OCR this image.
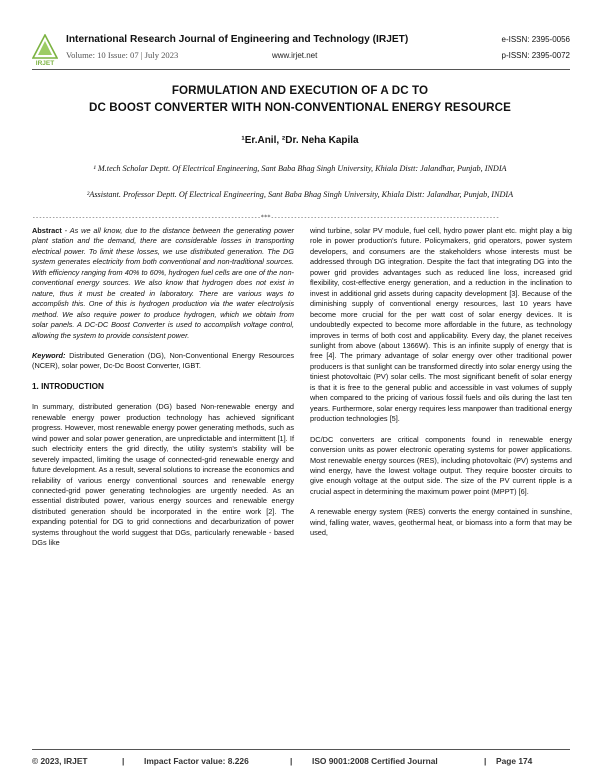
IRJET
International Research Journal of Engineering and Technology (IRJET)
Volume: 10 Issue: 07 | July 2023	www.irjet.net
e-ISSN: 2395-0056
p-ISSN: 2395-0072
FORMULATION AND EXECUTION OF A DC TO
DC BOOST CONVERTER WITH NON-CONVENTIONAL ENERGY RESOURCE
¹Er.Anil, ²Dr. Neha Kapila
¹ M.tech Scholar Deptt. Of Electrical Engineering, Sant Baba Bhag Singh University, Khiala Distt: Jalandhar, Punjab, INDIA
²Assistant. Professor Deptt. Of Electrical Engineering, Sant Baba Bhag Singh University, Khiala Distt: Jalandhar, Punjab, INDIA
---------------------------------------------------------------------***---------------------------------------------------------------------

Abstract - As we all know, due to the distance between the generating power plant station and the demand, there are considerable losses in transporting electrical power. To limit these losses, we use distributed generation. The DG system generates electricity from both conventional and non-traditional sources. With efficiency ranging from 40% to 60%, hydrogen fuel cells are one of the non-conventional energy sources. We also know that hydrogen does not exist in nature, thus it must be created in laboratory. There are various ways to accomplish this. One of this is hydrogen production via the water electrolysis method. We also require power to produce hydrogen, which we obtain from solar panels. A DC-DC Boost Converter is used to accomplish voltage control, allowing the system to provide consistent power.

Keyword: Distributed Generation (DG), Non-Conventional Energy Resources (NCER), solar power, Dc-Dc Boost Converter, IGBT.

1. INTRODUCTION

In summary, distributed generation (DG) based Non-renewable energy and renewable energy power production technology has achieved significant progress. However, most renewable energy power generating methods, such as wind power and solar power generation, are unpredictable and intermittent [1]. If such electricity enters the grid directly, the utility system's stability will be severely impacted, limiting the usage of connected-grid renewable energy and future development. As a result, several solutions to increase the economics and reliability of various energy conventional sources and renewable energy connected-grid power generating technologies are urgently needed. As an essential distributed power, various energy sources and renewable energy distributed generation should be incorporated in the entire work [2]. The expanding potential for DG to grid connections and decarburization of power systems throughout the world suggest that DGs, particularly renewable - based DGs like

wind turbine, solar PV module, fuel cell, hydro power plant etc. might play a big role in power production's future. Policymakers, grid operators, power system developers, and consumers are the stakeholders whose interests must be addressed through DG integration. Despite the fact that integrating DG into the power grid provides advantages such as reduced line loss, increased grid flexibility, cost-effective energy generation, and a reduction in the inclination to invest in additional grid assets during capacity development [3]. Because of the diminishing supply of conventional energy resources, last 10 years have become more crucial for the per watt cost of solar energy devices. It is undoubtedly expected to become more affordable in the future, as technology improves in terms of both cost and applicability. Every day, the planet receives sunlight from above (about 1366W). This is an infinite supply of energy that is free [4]. The primary advantage of solar energy over other traditional power producers is that sunlight can be transformed directly into solar energy using the tiniest photovoltaic (PV) solar cells. The most significant benefit of solar energy is that it is free to the general public and accessible in vast volumes of supply when compared to the pricing of various fossil fuels and oils during the last ten years. Furthermore, solar energy requires less manpower than traditional energy production technologies [5].

DC/DC converters are critical components found in renewable energy conversion units as power electronic operating systems for power applications. Most renewable energy sources (RES), including photovoltaic (PV) systems and wind energy, have the lowest voltage output. They require booster circuits to give enough voltage at the output side. The size of the PV current ripple is a crucial aspect in determining the maximum power point (MPPT) [6].

A renewable energy system (RES) converts the energy contained in sunshine, wind, falling water, waves, geothermal heat, or biomass into a form that may be used,

© 2023, IRJET	| Impact Factor value: 8.226	| ISO 9001:2008 Certified Journal	| Page 174
